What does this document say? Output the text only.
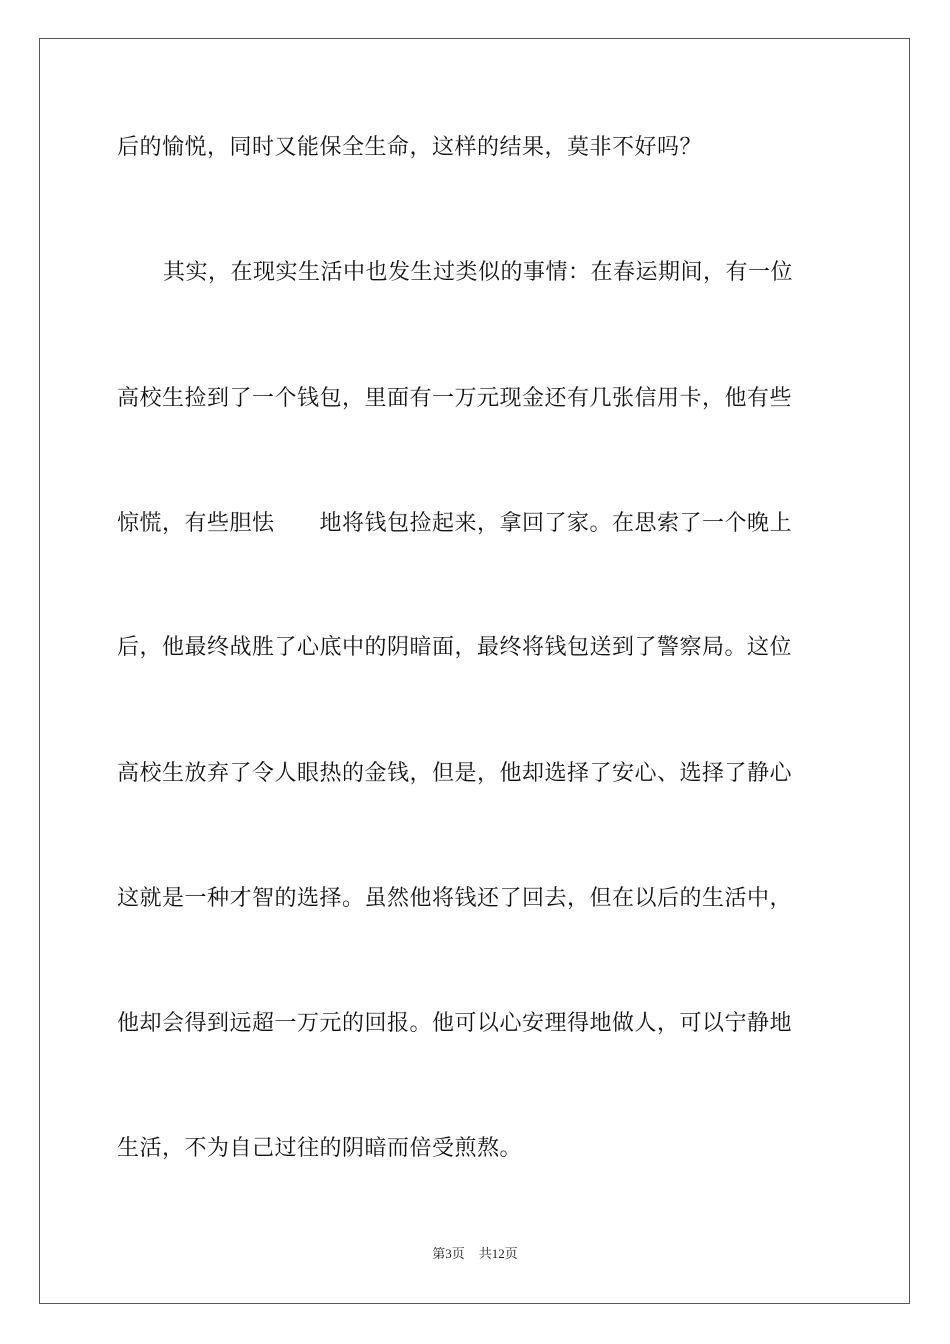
后的愉悦，同时又能保全生命，这样的结果，莫非不好吗？
其实，在现实生活中也发生过类似的事情：在春运期间，有一位
高校生捡到了一个钱包，里面有一万元现金还有几张信用卡，他有些
惊慌，有些胆怯　　地将钱包捡起来，拿回了家。在思索了一个晚上
后，他最终战胜了心底中的阴暗面，最终将钱包送到了警察局。这位
高校生放弃了令人眼热的金钱，但是，他却选择了安心、选择了静心
这就是一种才智的选择。虽然他将钱还了回去，但在以后的生活中，
他却会得到远超一万元的回报。他可以心安理得地做人，可以宁静地
生活，不为自己过往的阴暗而倍受煎熬。
第3页 共12页
